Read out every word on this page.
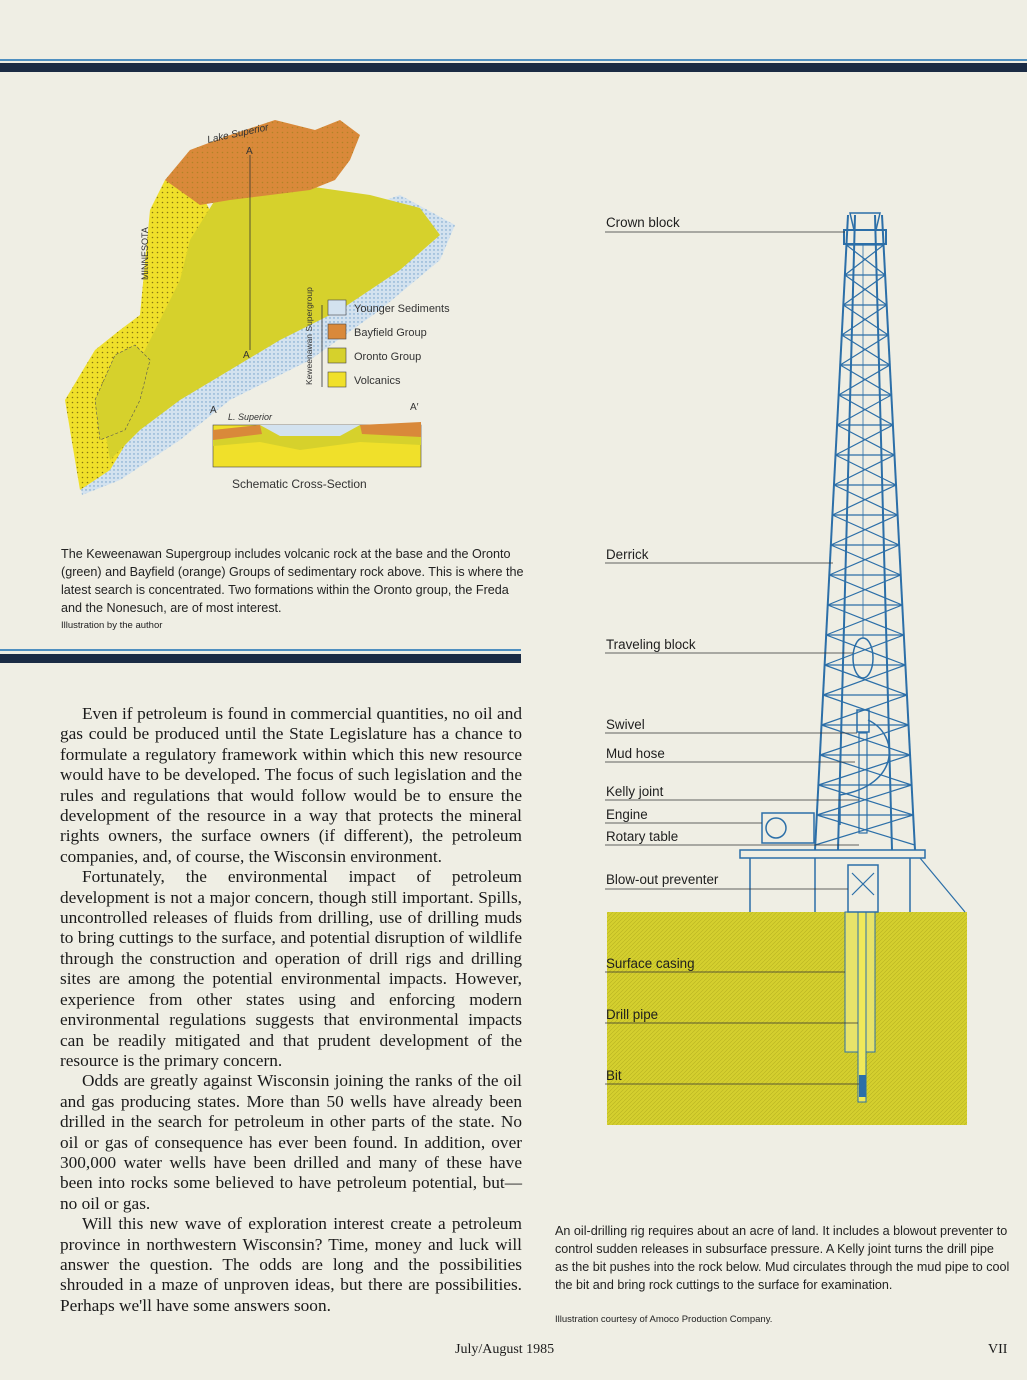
Lake Superior
A
A
MINNESOTA
Keweenawan Supergroup	Younger Sediments
Bayfield Group
Oronto Group
Volcanics
A	A′
L. Superior
Schematic Cross-Section
The Keweenawan Supergroup includes volcanic rock at the base and the Oronto (green) and Bayfield (orange) Groups of sedimentary rock above. This is where the latest search is concentrated. Two formations within the Oronto group, the Freda and the Nonesuch, are of most interest.
Illustration by the author

Even if petroleum is found in commercial quantities, no oil and gas could be produced until the State Legislature has a chance to formulate a regulatory framework within which this new resource would have to be developed. The focus of such legislation and the rules and regulations that would follow would be to ensure the development of the resource in a way that protects the mineral rights owners, the surface owners (if different), the petroleum companies, and, of course, the Wisconsin environment.

Fortunately, the environmental impact of petroleum development is not a major concern, though still important. Spills, uncontrolled releases of fluids from drilling, use of drilling muds to bring cuttings to the surface, and potential disruption of wildlife through the construction and operation of drill rigs and drilling sites are among the potential environmental impacts. However, experience from other states using and enforcing modern environmental regulations suggests that environmental impacts can be readily mitigated and that prudent development of the resource is the primary concern.

Odds are greatly against Wisconsin joining the ranks of the oil and gas producing states. More than 50 wells have already been drilled in the search for petroleum in other parts of the state. No oil or gas of consequence has ever been found. In addition, over 300,000 water wells have been drilled and many of these have been into rocks some believed to have petroleum potential, but—no oil or gas.

Will this new wave of exploration interest create a petroleum province in northwestern Wisconsin? Time, money and luck will answer the question. The odds are long and the possibilities shrouded in a maze of unproven ideas, but there are possibilities. Perhaps we'll have some answers soon.

Crown block
Derrick
Traveling block
Swivel
Mud hose
Kelly joint
Engine
Rotary table
Blow-out preventer
Surface casing
Drill pipe
Bit
An oil-drilling rig requires about an acre of land. It includes a blowout preventer to control sudden releases in subsurface pressure. A Kelly joint turns the drill pipe as the bit pushes into the rock below. Mud circulates through the mud pipe to cool the bit and bring rock cuttings to the surface for examination.
Illustration courtesy of Amoco Production Company.
July/August 1985	VII
